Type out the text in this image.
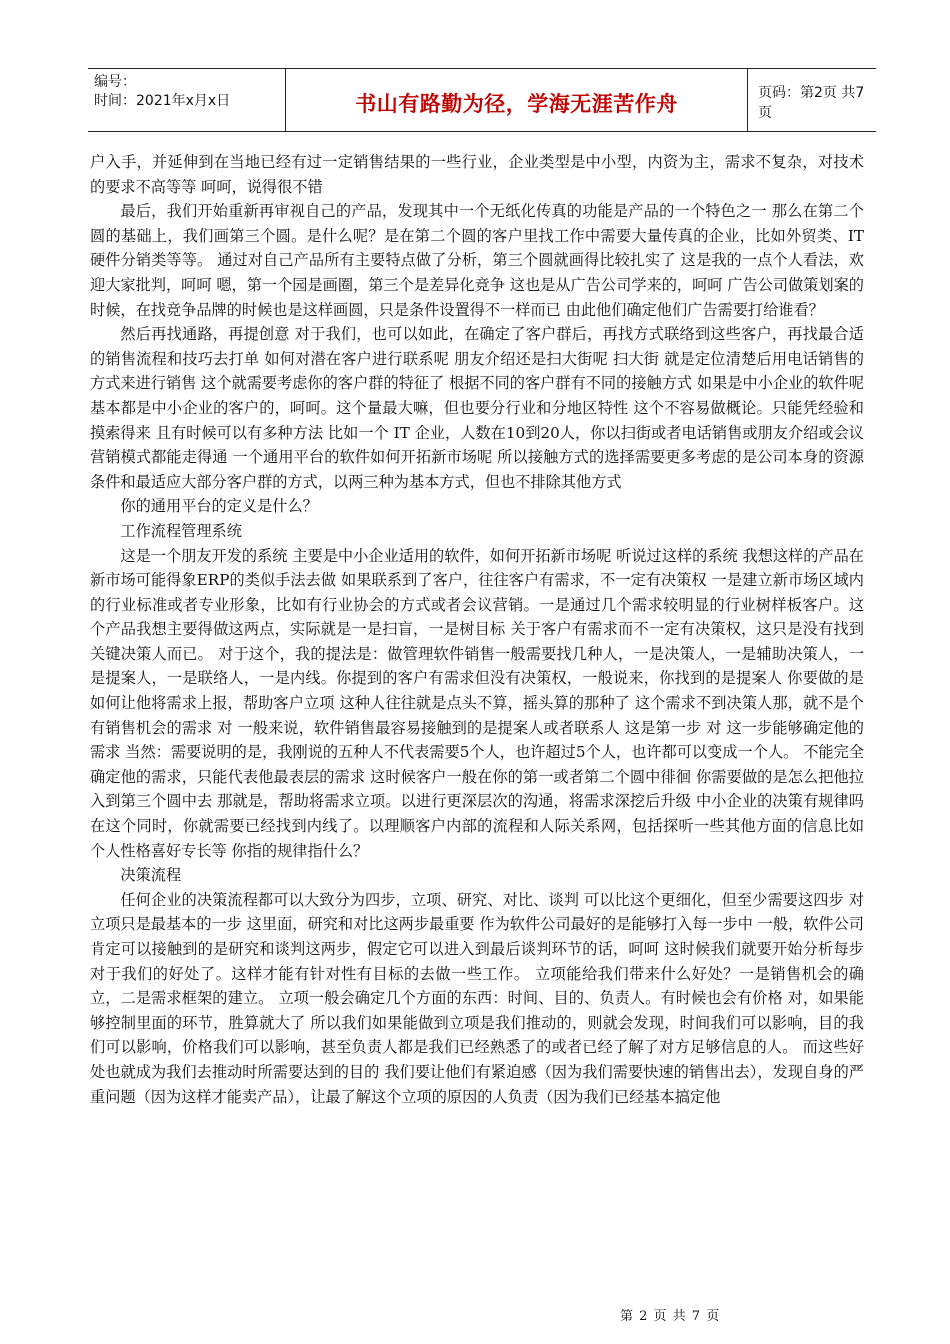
编号：
时间：2021年x月x日	书山有路勤为径，学海无涯苦作舟	页码：第2页 共7页

户入手，并延伸到在当地已经有过一定销售结果的一些行业，企业类型是中小型，内资为主，需求不复杂，对技术的要求不高等等 呵呵，说得很不错

最后，我们开始重新再审视自己的产品，发现其中一个无纸化传真的功能是产品的一个特色之一 那么在第二个圆的基础上，我们画第三个圆。是什么呢？是在第二个圆的客户里找工作中需要大量传真的企业，比如外贸类、IT硬件分销类等等。 通过对自己产品所有主要特点做了分析，第三个圆就画得比较扎实了 这是我的一点个人看法，欢迎大家批判，呵呵 嗯，第一个园是画圈，第三个是差异化竞争 这也是从广告公司学来的，呵呵 广告公司做策划案的时候，在找竞争品牌的时候也是这样画圆，只是条件设置得不一样而已 由此他们确定他们广告需要打给谁看？

然后再找通路，再提创意 对于我们，也可以如此，在确定了客户群后，再找方式联络到这些客户，再找最合适的销售流程和技巧去打单 如何对潜在客户进行联系呢 朋友介绍还是扫大街呢 扫大街 就是定位清楚后用电话销售的方式来进行销售 这个就需要考虑你的客户群的特征了 根据不同的客户群有不同的接触方式 如果是中小企业的软件呢 基本都是中小企业的客户的，呵呵。这个量最大嘛，但也要分行业和分地区特性 这个不容易做概论。只能凭经验和摸索得来 且有时候可以有多种方法 比如一个 IT 企业，人数在10到20人，你以扫街或者电话销售或朋友介绍或会议营销模式都能走得通 一个通用平台的软件如何开拓新市场呢 所以接触方式的选择需要更多考虑的是公司本身的资源条件和最适应大部分客户群的方式，以两三种为基本方式，但也不排除其他方式

你的通用平台的定义是什么？

工作流程管理系统

这是一个朋友开发的系统 主要是中小企业适用的软件，如何开拓新市场呢 听说过这样的系统 我想这样的产品在新市场可能得象ERP的类似手法去做 如果联系到了客户，往往客户有需求，不一定有决策权 一是建立新市场区域内的行业标准或者专业形象，比如有行业协会的方式或者会议营销。一是通过几个需求较明显的行业树样板客户。这个产品我想主要得做这两点，实际就是一是扫盲，一是树目标 关于客户有需求而不一定有决策权，这只是没有找到关键决策人而已。 对于这个，我的提法是：做管理软件销售一般需要找几种人，一是决策人，一是辅助决策人，一是提案人，一是联络人，一是内线。你提到的客户有需求但没有决策权，一般说来，你找到的是提案人 你要做的是如何让他将需求上报，帮助客户立项 这种人往往就是点头不算，摇头算的那种了 这个需求不到决策人那，就不是个有销售机会的需求 对 一般来说，软件销售最容易接触到的是提案人或者联系人 这是第一步 对 这一步能够确定他的需求 当然：需要说明的是，我刚说的五种人不代表需要5个人，也许超过5个人，也许都可以变成一个人。 不能完全确定他的需求，只能代表他最表层的需求 这时候客户一般在你的第一或者第二个圆中徘徊 你需要做的是怎么把他拉入到第三个圆中去 那就是，帮助将需求立项。以进行更深层次的沟通，将需求深挖后升级 中小企业的决策有规律吗 在这个同时，你就需要已经找到内线了。以理顺客户内部的流程和人际关系网，包括探听一些其他方面的信息比如个人性格喜好专长等 你指的规律指什么？

决策流程

任何企业的决策流程都可以大致分为四步，立项、研究、对比、谈判 可以比这个更细化，但至少需要这四步 对 立项只是最基本的一步 这里面，研究和对比这两步最重要 作为软件公司最好的是能够打入每一步中 一般，软件公司肯定可以接触到的是研究和谈判这两步，假定它可以进入到最后谈判环节的话，呵呵 这时候我们就要开始分析每步对于我们的好处了。这样才能有针对性有目标的去做一些工作。 立项能给我们带来什么好处？一是销售机会的确立，二是需求框架的建立。 立项一般会确定几个方面的东西：时间、目的、负责人。有时候也会有价格 对，如果能够控制里面的环节，胜算就大了 所以我们如果能做到立项是我们推动的，则就会发现，时间我们可以影响，目的我们可以影响，价格我们可以影响，甚至负责人都是我们已经熟悉了的或者已经了解了对方足够信息的人。 而这些好处也就成为我们去推动时所需要达到的目的 我们要让他们有紧迫感（因为我们需要快速的销售出去），发现自身的严重问题（因为这样才能卖产品），让最了解这个立项的原因的人负责（因为我们已经基本搞定他

第 2 页 共 7 页
